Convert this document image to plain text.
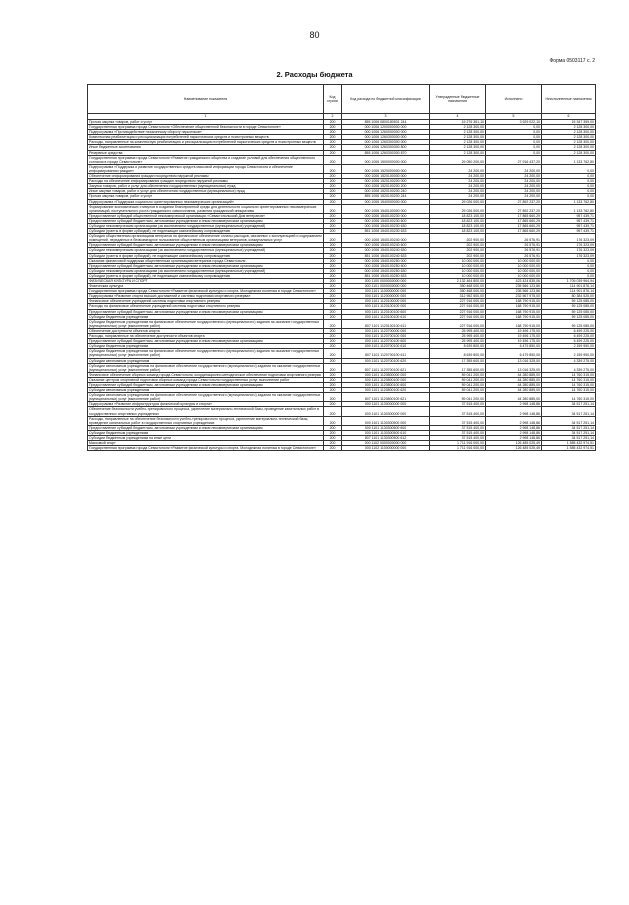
80
Форма 0503117 с. 2
2. Расходы бюджета
Наименование показателя	Код строки	Код расхода по бюджетной классификации	Утвержденные бюджетные назначения	Исполнено	Неисполненные назначения
1	2	3	4	5	6
Прочая закупка товаров, работ и услуг	200	855 1006 0800180501 244	19 276 361,10	3 929 022,10	15 347 359,00
Государственная программа города Севастополя «Обеспечение общественной безопасности в городе Севастополе»	200	000 1006 1200000000 000	2 128 300,00	0,00	2 128 300,00
Подпрограмма «Противодействие незаконному обороту наркотиков»	200	000 1006 1260000000 000	2 128 300,00	0,00	2 128 300,00
Комплексная реабилитация и ресоциализация потребителей наркотических средств и психотропных веществ	200	000 1006 1260300000 000	2 128 300,00	0,00	2 128 300,00
Расходы, направленные на комплексную реабилитацию и ресоциализацию потребителей наркотических средств и психотропных веществ	200	000 1006 1260300300 000	2 128 300,00	0,00	2 128 300,00
Иные бюджетные ассигнования	200	000 1006 1260300300 800	2 128 300,00	0,00	2 128 300,00
Резервные средства	200	855 1006 1260300300 870	2 128 300,00	0,00	2 128 300,00
Государственная программа города Севастополя «Развитие гражданского общества и создание условий для обеспечения общественного согласия в городе Севастополе»	200	000 1006 1500000000 000	29 050 200,00	27 916 437,20	1 133 762,80
Подпрограмма «Поддержка и развитие государственных средств массовой информации города Севастополя и обеспечение информирования граждан»	200	000 1006 1520000000 000	24 200,00	24 200,00	0,00
Обеспечение информирования граждан посредством наружной рекламы	200	000 1006 1520100000 000	24 200,00	24 200,00	0,00
Расходы на обеспечение информирования граждан посредством наружной рекламы	200	000 1006 1520100200 000	24 200,00	24 200,00	0,00
Закупка товаров, работ и услуг для обеспечения государственных (муниципальных) нужд	200	000 1006 1520100200 200	24 200,00	24 200,00	0,00
Иные закупки товаров, работ и услуг для обеспечения государственных (муниципальных) нужд	200	000 1006 1520100200 240	24 200,00	24 200,00	0,00
Прочая закупка товаров, работ и услуг	200	855 1006 1520100200 244	24 200,00	24 200,00	0,00
Подпрограмма «Поддержка социально ориентированных некоммерческих организаций»	200	000 1006 1540000000 000	29 026 000,00	27 892 237,20	1 133 762,80
Формирование экономических стимулов в создании благоприятной среды для деятельности социально ориентированных некоммерческих организаций, поступательного роста гражданского самосознания, развития гражданской инициативы	200	000 1006 1540100000 000	29 026 000,00	27 892 237,20	1 133 762,80
Предоставление субсидий общественной некоммерческой организации «Севастопольский Дом ветеранов»	200	000 1006 1540100230 000	18 823 100,00	17 865 660,29	957 439,71
Предоставление субсидий бюджетным, автономным учреждениям и иным некоммерческим организациям	200	000 1006 1540100230 600	18 823 100,00	17 865 660,29	957 439,71
Субсидии некоммерческим организациям (за исключением государственных (муниципальных) учреждений)	200	000 1006 1540100230 630	18 823 100,00	17 865 660,29	957 439,71
Субсидии (гранты в форме субсидий), не подлежащие казначейскому сопровождению	200	851 1006 1540100230 633	18 823 100,00	17 865 660,29	957 439,71
Субсидия общественным организациям ветеранов на финансовое обеспечение оплаты расходов, связанных с эксплуатацией и содержанием помещений, переданных в безвозмездное пользование общественным организациям ветеранов, коммунальных услуг	200	000 1006 1540100240 000	202 900,00	26 576,91	176 323,09
Предоставление субсидий бюджетным, автономным учреждениям и иным некоммерческим организациям	200	000 1006 1540100240 600	202 900,00	26 576,91	176 323,09
Субсидии некоммерческим организациям (за исключением государственных (муниципальных) учреждений)	200	000 1006 1540100240 630	202 900,00	26 576,91	176 323,09
Субсидии (гранты в форме субсидий), не подлежащие казначейскому сопровождению	200	851 1006 1540100240 633	202 900,00	26 576,91	176 323,09
Оказание финансовой поддержки общественным организациям ветеранов города Севастополя	200	000 1006 1540100250 000	10 000 000,00	10 000 000,00	0,00
Предоставление субсидий бюджетным, автономным учреждениям и иным некоммерческим организациям	200	000 1006 1540100250 600	10 000 000,00	10 000 000,00	0,00
Субсидии некоммерческим организациям (за исключением государственных (муниципальных) учреждений)	200	000 1006 1540100250 630	10 000 000,00	10 000 000,00	0,00
Субсидии (гранты в форме субсидий), не подлежащие казначейскому сопровождению	200	851 1006 1540100250 633	10 000 000,00	10 000 000,00	0,00
ФИЗИЧЕСКАЯ КУЛЬТУРА И СПОРТ	200	000 1100 0000000000 000	2 132 464 800,00	423 424 835,06	1 709 039 964,94
Физическая культура	200	000 1101 0000000000 000	350 468 000,00	235 566 123,86	114 901 876,14
Государственная программа города Севастополя «Развитие физической культуры и спорта. Молодежная политика в городе Севастополе»	200	000 1101 1100000000 000	350 468 000,00	235 566 123,86	114 901 876,14
Подпрограмма «Развитие спорта высших достижений и системы подготовки спортивного резерва»	200	000 1101 1120000000 000	312 952 500,00	232 567 975,00	80 384 525,00
Финансовое обеспечение учреждений системы подготовки спортивного резерва	200	000 1101 1120100000 000	227 916 000,00	168 790 915,00	59 125 085,00
Расходы на финансовое обеспечение учреждений системы подготовки спортивного резерва	200	000 1101 1120100100 000	227 916 000,00	168 790 915,00	59 125 085,00
Предоставление субсидий бюджетным, автономным учреждениям и иным некоммерческим организациям	200	000 1101 1120100100 600	227 916 000,00	168 790 915,00	59 125 085,00
Субсидии бюджетным учреждениям	200	000 1101 1120100100 610	227 916 000,00	168 790 915,00	59 125 085,00
Субсидии бюджетным учреждениям на финансовое обеспечение государственного (муниципального) задания на оказание государственных (муниципальных) услуг (выполнение работ)	200	807 1101 1120100100 611	227 916 000,00	168 790 915,00	59 125 085,00
Обеспечение доступности объектов спорта	200	000 1101 1120700000 000	25 995 400,00	19 496 175,00	6 499 225,00
Расходы, направленные на обеспечение доступности объектов спорта	200	000 1101 1120700100 000	25 995 400,00	19 496 175,00	6 499 225,00
Предоставление субсидий бюджетным, автономным учреждениям и иным некоммерческим организациям	200	000 1101 1120700100 600	25 995 400,00	19 496 175,00	6 499 225,00
Субсидии бюджетным учреждениям	200	000 1101 1120700100 610	8 639 800,00	6 479 850,00	2 159 950,00
Субсидии бюджетным учреждениям на финансовое обеспечение государственного (муниципального) задания на оказание государственных (муниципальных) услуг (выполнение работ)	200	807 1101 1120700100 611	8 639 800,00	6 479 850,00	2 159 950,00
Субсидии автономным учреждениям	200	000 1101 1120700100 620	17 355 600,00	13 016 325,00	4 339 275,00
Субсидии автономным учреждениям на финансовое обеспечение государственного (муниципального) задания на оказание государственных (муниципальных) услуг (выполнение работ)	200	807 1101 1120700100 621	17 355 600,00	13 016 325,00	4 339 275,00
Финансовое обеспечение сборных команд города Севастополя, координационно-методическое обеспечение подготовки спортивного резерва	200	000 1101 1120800000 000	59 041 200,00	44 280 885,00	14 760 315,00
Оказание центром спортивной подготовки сборных команд города Севастополя государственных услуг, выполнение работ	200	000 1101 1120800100 000	59 041 200,00	44 280 885,00	14 760 315,00
Предоставление субсидий бюджетным, автономным учреждениям и иным некоммерческим организациям	200	000 1101 1120800100 600	59 041 200,00	44 280 885,00	14 760 315,00
Субсидии автономным учреждениям	200	000 1101 1120800100 620	59 041 200,00	44 280 885,00	14 760 315,00
Субсидии автономным учреждениям на финансовое обеспечение государственного (муниципального) задания на оказание государственных (муниципальных) услуг (выполнение работ)	200	807 1101 1120800100 621	59 041 200,00	44 280 885,00	14 760 315,00
Подпрограмма «Развитие инфраструктуры физической культуры и спорта»	200	000 1101 1130000000 000	37 515 400,00	2 998 148,86	34 517 251,14
Обеспечение безопасности учебно-тренировочного процесса, укрепление материально-технической базы, проведение капитальных работ в государственных спортивных учреждениях	200	000 1101 1130300000 000	37 515 400,00	2 998 148,86	34 517 251,14
Расходы, направленные на обеспечение безопасности учебно-тренировочного процесса, укрепление материально-технической базы, проведение капитальных работ в государственных спортивных учреждениях	200	000 1101 1130300500 000	37 515 400,00	2 998 148,86	34 517 251,14
Предоставление субсидий бюджетным, автономным учреждениям и иным некоммерческим организациям	200	000 1101 1130300500 600	37 515 400,00	2 998 148,86	34 517 251,14
Субсидии бюджетным учреждениям	200	000 1101 1130300500 610	37 515 400,00	2 998 148,86	34 517 251,14
Субсидии бюджетным учреждениям на иные цели	200	807 1101 1130300500 612	37 515 400,00	2 998 148,86	34 517 251,14
Массовый спорт	200	000 1102 0000000000 000	1 711 916 000,00	126 485 025,49	1 585 432 974,51
Государственная программа города Севастополя «Развитие физической культуры и спорта. Молодежная политика в городе Севастополе»	200	000 1102 1100000000 000	1 711 916 000,00	126 485 025,49	1 585 432 974,51
